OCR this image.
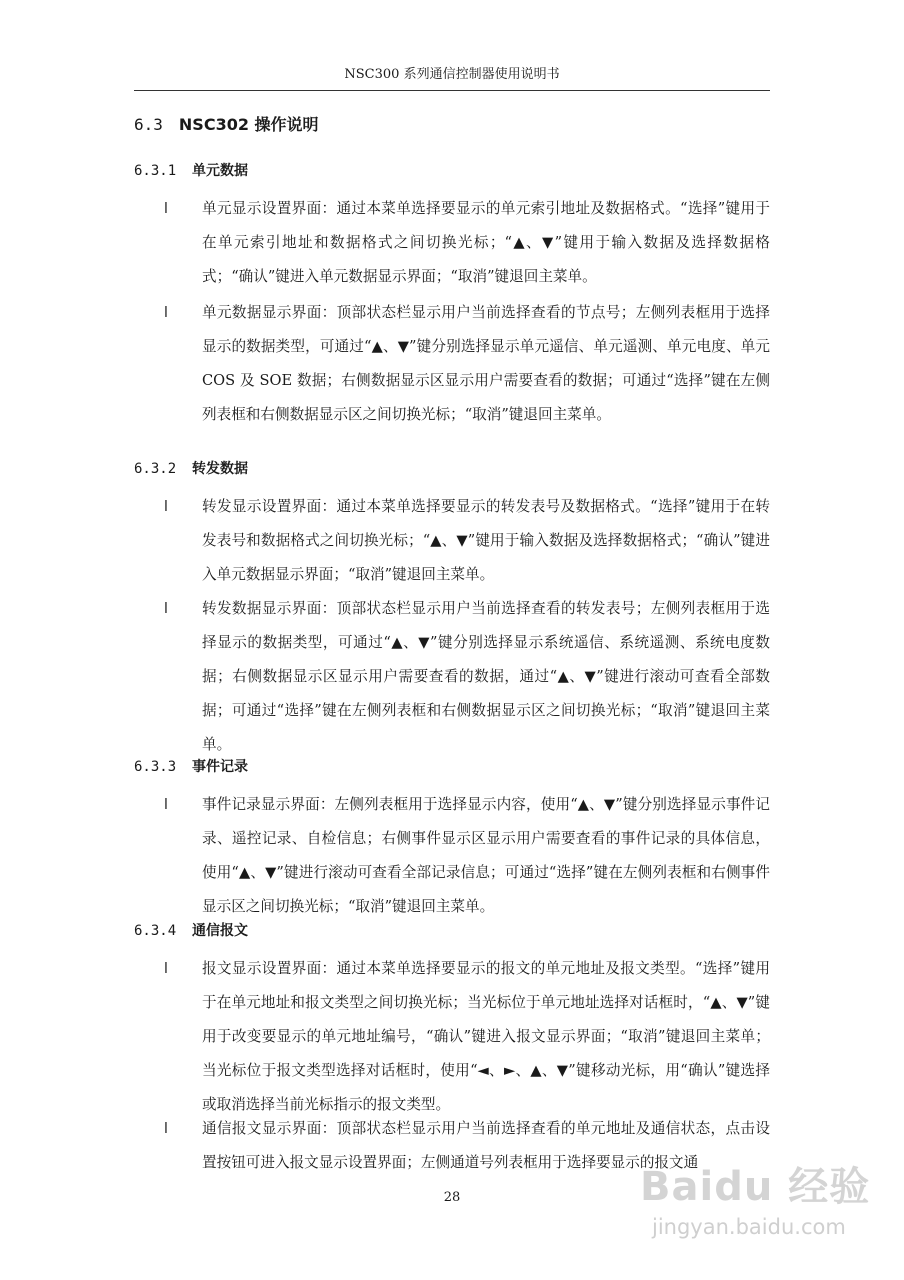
NSC300 系列通信控制器使用说明书
6.3 NSC302 操作说明
6.3.1 单元数据
l	单元显示设置界面：通过本菜单选择要显示的单元索引地址及数据格式。“选择”键用于在单元索引地址和数据格式之间切换光标；“▲、▼”键用于输入数据及选择数据格式；“确认”键进入单元数据显示界面；“取消”键退回主菜单。
l	单元数据显示界面：顶部状态栏显示用户当前选择查看的节点号；左侧列表框用于选择显示的数据类型，可通过“▲、▼”键分别选择显示单元遥信、单元遥测、单元电度、单元 COS 及 SOE 数据；右侧数据显示区显示用户需要查看的数据；可通过“选择”键在左侧列表框和右侧数据显示区之间切换光标；“取消”键退回主菜单。
6.3.2 转发数据
l	转发显示设置界面：通过本菜单选择要显示的转发表号及数据格式。“选择”键用于在转发表号和数据格式之间切换光标；“▲、▼”键用于输入数据及选择数据格式；“确认”键进入单元数据显示界面；“取消”键退回主菜单。
l	转发数据显示界面：顶部状态栏显示用户当前选择查看的转发表号；左侧列表框用于选择显示的数据类型，可通过“▲、▼”键分别选择显示系统遥信、系统遥测、系统电度数据；右侧数据显示区显示用户需要查看的数据，通过“▲、▼”键进行滚动可查看全部数据；可通过“选择”键在左侧列表框和右侧数据显示区之间切换光标；“取消”键退回主菜单。
6.3.3 事件记录
l	事件记录显示界面：左侧列表框用于选择显示内容，使用“▲、▼”键分别选择显示事件记录、遥控记录、自检信息；右侧事件显示区显示用户需要查看的事件记录的具体信息，使用“▲、▼”键进行滚动可查看全部记录信息；可通过“选择”键在左侧列表框和右侧事件显示区之间切换光标；“取消”键退回主菜单。
6.3.4 通信报文
l	报文显示设置界面：通过本菜单选择要显示的报文的单元地址及报文类型。“选择”键用于在单元地址和报文类型之间切换光标；当光标位于单元地址选择对话框时，“▲、▼”键用于改变要显示的单元地址编号，“确认”键进入报文显示界面；“取消”键退回主菜单；当光标位于报文类型选择对话框时，使用“◄、►、▲、▼”键移动光标，用“确认”键选择或取消选择当前光标指示的报文类型。
l	通信报文显示界面：顶部状态栏显示用户当前选择查看的单元地址及通信状态，点击设置按钮可进入报文显示设置界面；左侧通道号列表框用于选择要显示的报文通
28	Baidu 经验
jingyan.baidu.com
